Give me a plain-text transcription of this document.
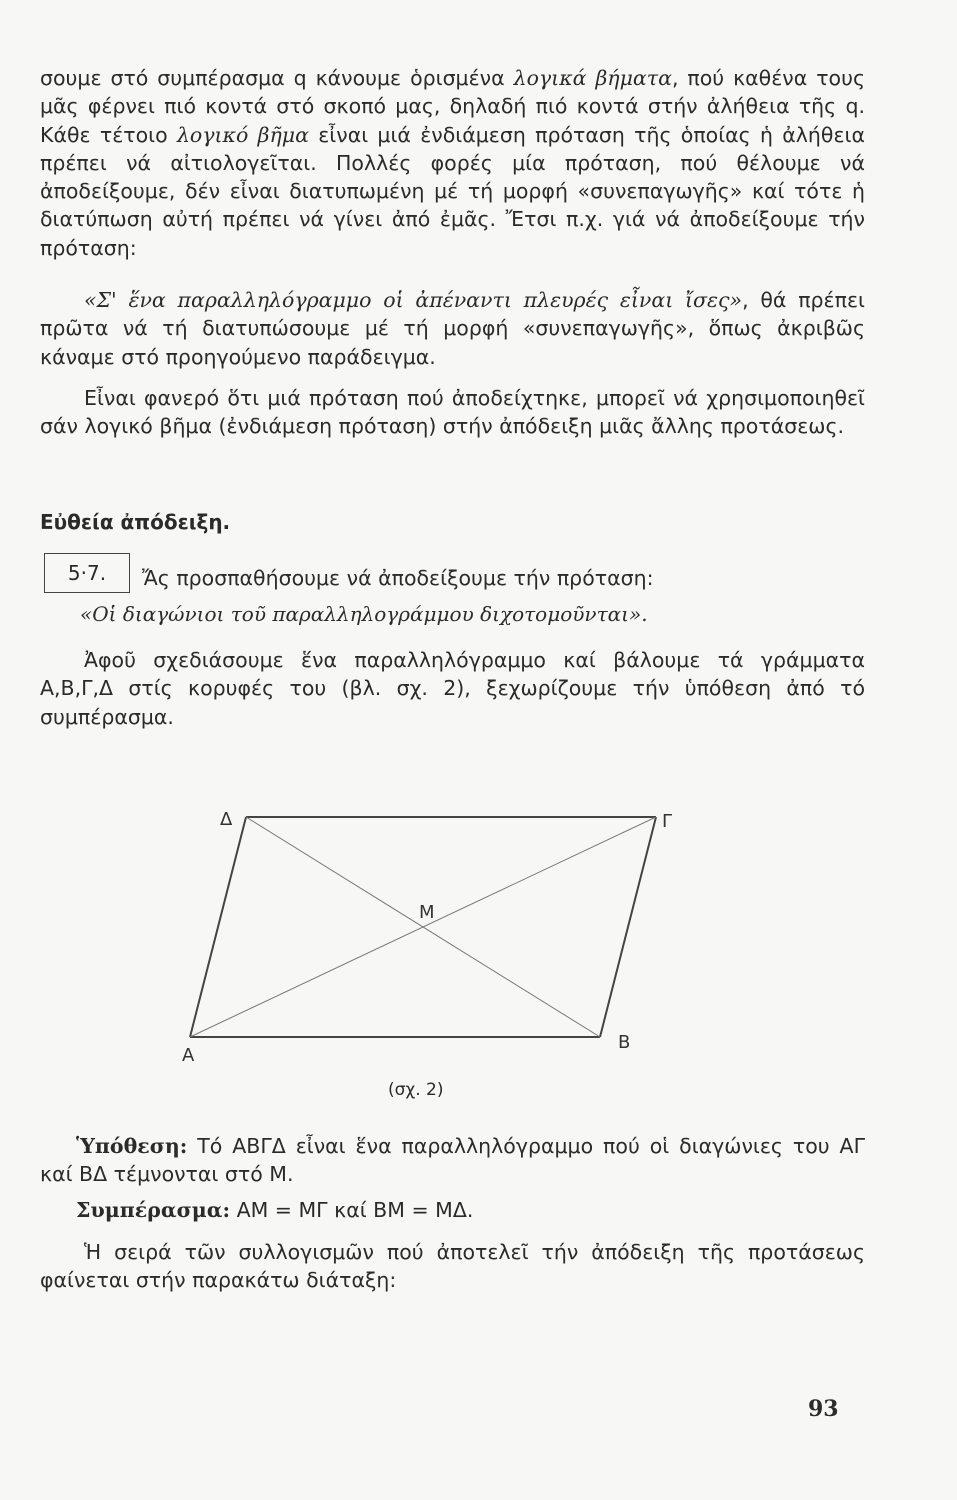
σουμε στό συμπέρασμα q κάνουμε ὁρισμένα λογικά βήματα, πού καθένα τους μᾶς φέρνει πιό κοντά στό σκοπό μας, δηλαδή πιό κοντά στήν ἀλήθεια τῆς q. Κάθε τέτοιο λογικό βῆμα εἶναι μιά ἐνδιάμεση πρόταση τῆς ὁποίας ἡ ἀλήθεια πρέπει νά αἰτιολογεῖται. Πολλές φορές μία πρόταση, πού θέλουμε νά ἀποδείξουμε, δέν εἶναι διατυπωμένη μέ τή μορφή «συνεπαγωγῆς» καί τότε ἡ διατύπωση αὐτή πρέπει νά γίνει ἀπό ἐμᾶς. Ἔτσι π.χ. γιά νά ἀποδείξουμε τήν πρόταση:

«Σ' ἕνα παραλληλόγραμμο οἱ ἀπέναντι πλευρές εἶναι ἴσες», θά πρέπει πρῶτα νά τή διατυπώσουμε μέ τή μορφή «συνεπαγωγῆς», ὅπως ἀκριβῶς κάναμε στό προηγούμενο παράδειγμα.

Εἶναι φανερό ὅτι μιά πρόταση πού ἀποδείχτηκε, μπορεῖ νά χρησιμοποιηθεῖ σάν λογικό βῆμα (ἐνδιάμεση πρόταση) στήν ἀπόδειξη μιᾶς ἄλλης προτάσεως.

Εὐθεία ἀπόδειξη.
5·7.	Ἄς προσπαθήσουμε νά ἀποδείξουμε τήν πρόταση:
«Οἱ διαγώνιοι τοῦ παραλληλογράμμου διχοτομοῦνται».

Ἀφοῦ σχεδιάσουμε ἕνα παραλληλόγραμμο καί βάλουμε τά γράμματα Α,Β,Γ,Δ στίς κορυφές του (βλ. σχ. 2), ξεχωρίζουμε τήν ὑπόθεση ἀπό τό συμπέρασμα.

Α
Β
Γ
Δ
Μ
(σχ. 2)

Ὑπόθεση: Τό ΑΒΓΔ εἶναι ἕνα παραλληλόγραμμο πού οἱ διαγώνιες του ΑΓ καί ΒΔ τέμνονται στό Μ.

Συμπέρασμα: ΑΜ = ΜΓ καί ΒΜ = ΜΔ.

Ἡ σειρά τῶν συλλογισμῶν πού ἀποτελεῖ τήν ἀπόδειξη τῆς προτάσεως φαίνεται στήν παρακάτω διάταξη:

93
